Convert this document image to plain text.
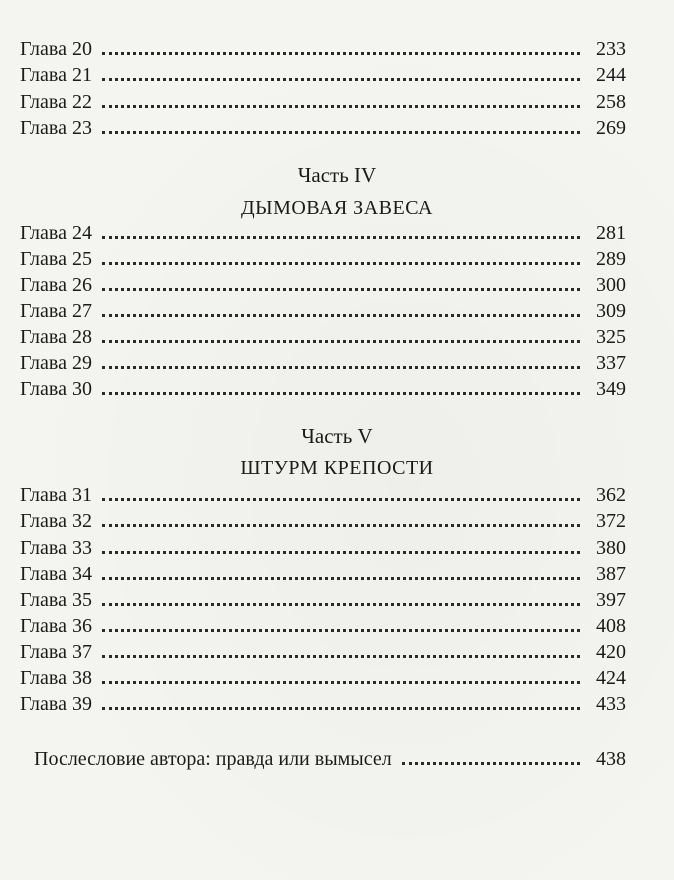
Глава 20	233
Глава 21	244
Глава 22	258
Глава 23	269
Часть IV
ДЫМОВАЯ ЗАВЕСА
Глава 24	281
Глава 25	289
Глава 26	300
Глава 27	309
Глава 28	325
Глава 29	337
Глава 30	349
Часть V
ШТУРМ КРЕПОСТИ
Глава 31	362
Глава 32	372
Глава 33	380
Глава 34	387
Глава 35	397
Глава 36	408
Глава 37	420
Глава 38	424
Глава 39	433
Послесловие автора: правда или вымысел	438
